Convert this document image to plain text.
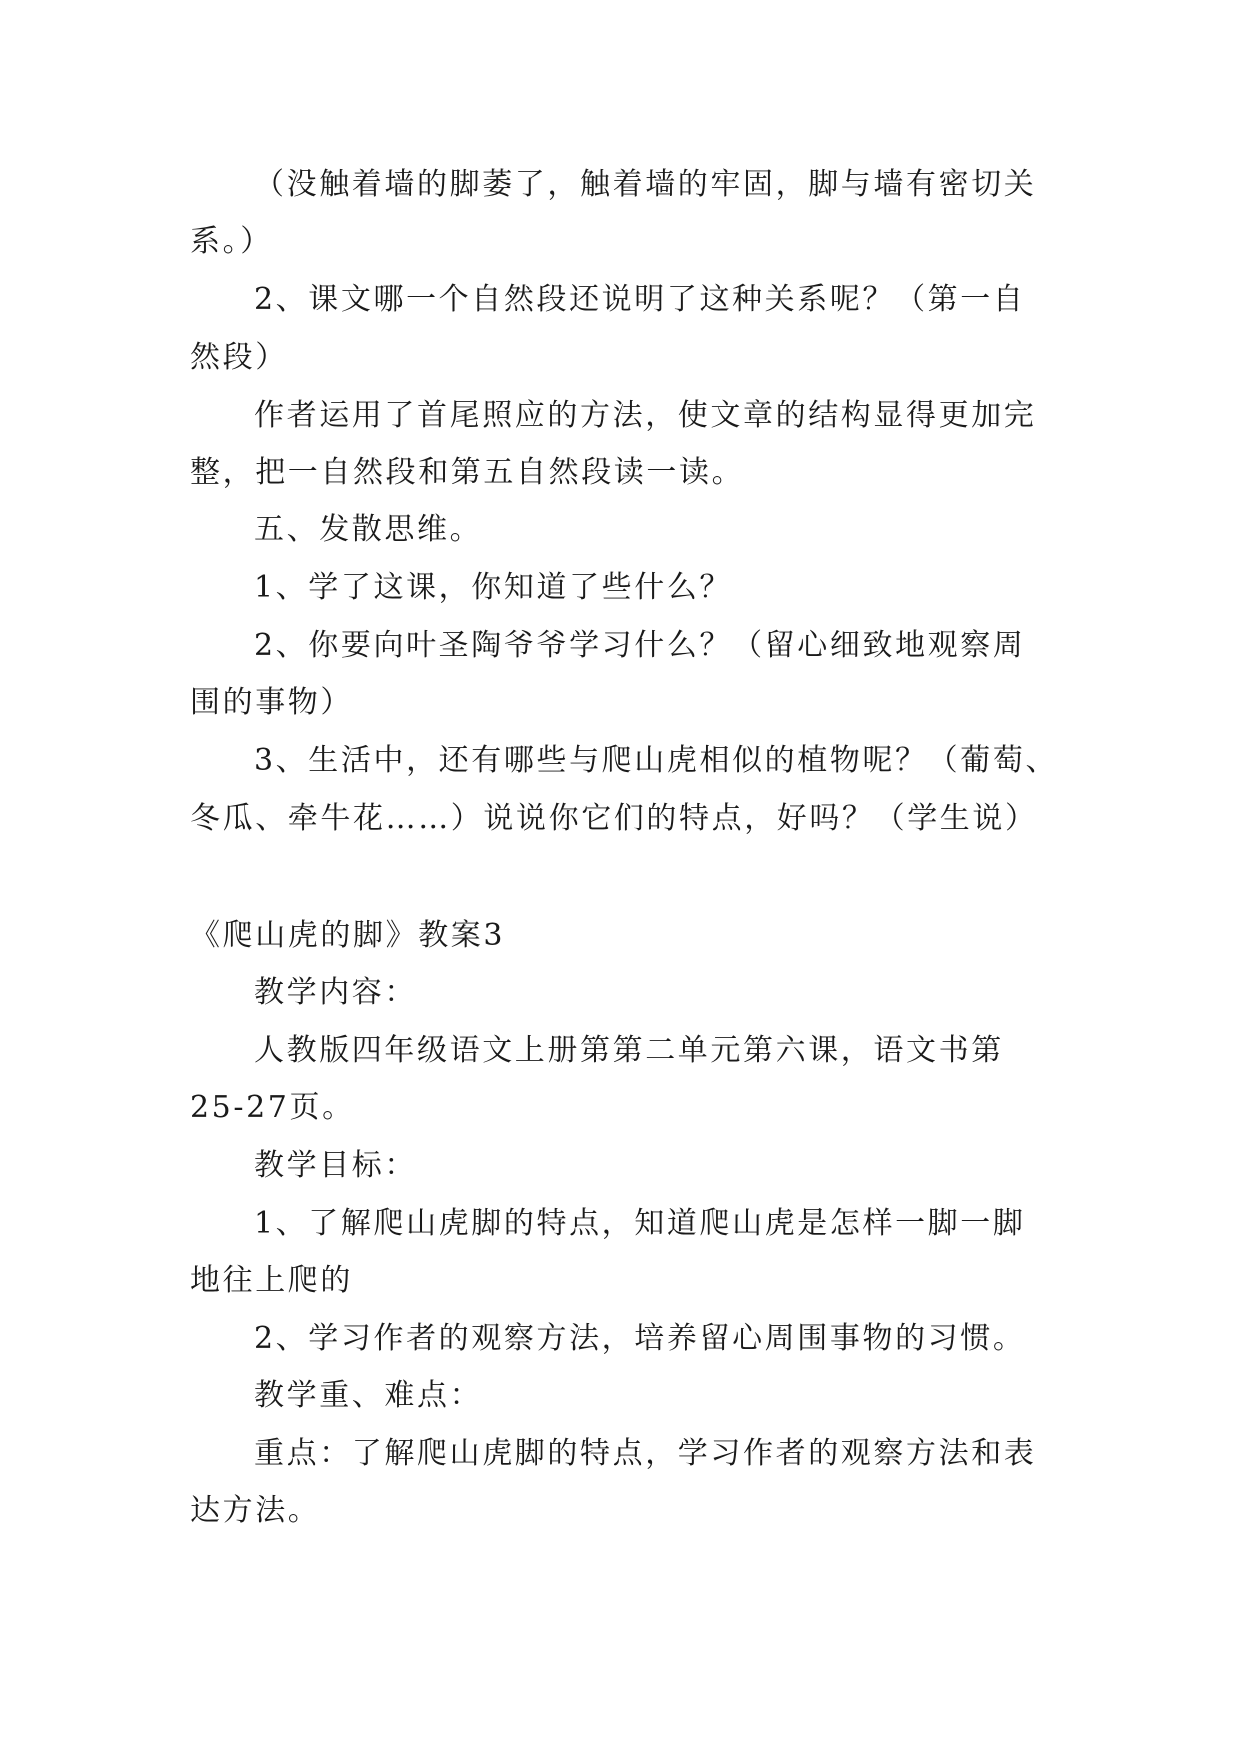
（没触着墙的脚萎了，触着墙的牢固，脚与墙有密切关
系。）
2、课文哪一个自然段还说明了这种关系呢？（第一自
然段）
作者运用了首尾照应的方法，使文章的结构显得更加完
整，把一自然段和第五自然段读一读。
五、发散思维。
1、学了这课，你知道了些什么？
2、你要向叶圣陶爷爷学习什么？（留心细致地观察周
围的事物）
3、生活中，还有哪些与爬山虎相似的植物呢？（葡萄、
冬瓜、牵牛花……）说说你它们的特点，好吗？（学生说）
《爬山虎的脚》教案3
教学内容：
人教版四年级语文上册第第二单元第六课，语文书第
25-27页。
教学目标：
1、了解爬山虎脚的特点，知道爬山虎是怎样一脚一脚
地往上爬的
2、学习作者的观察方法，培养留心周围事物的习惯。
教学重、难点：
重点：了解爬山虎脚的特点，学习作者的观察方法和表
达方法。
